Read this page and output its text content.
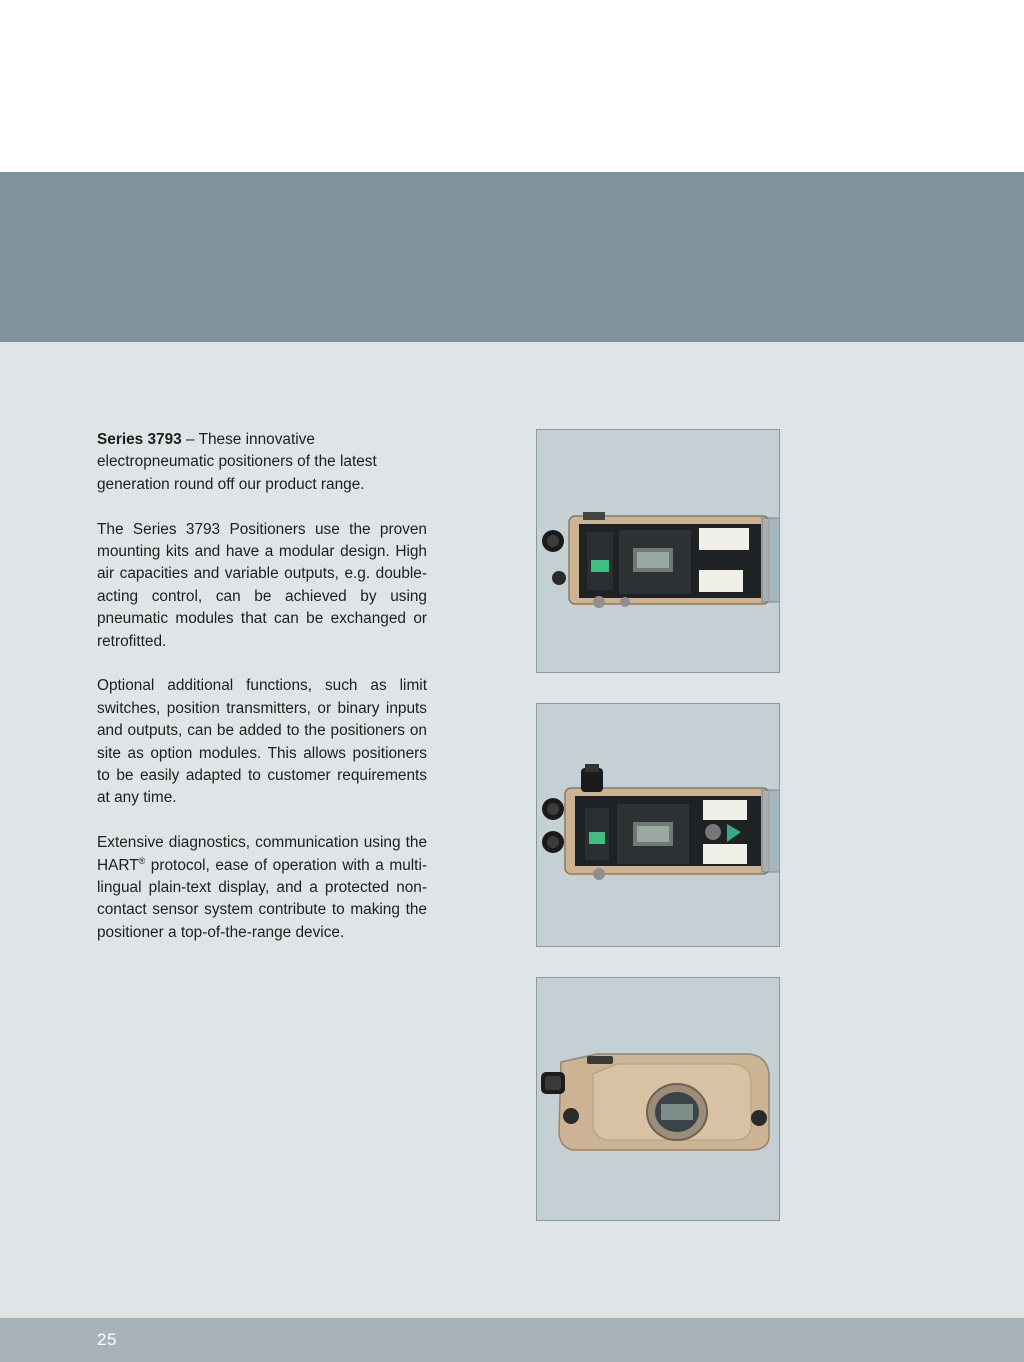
Series 3793 – These innovative electropneumatic positioners of the latest generation round off our product range.

The Series 3793 Positioners use the proven mounting kits and have a modular design. High air capacities and variable outputs, e.g. double-acting control, can be achieved by using pneumatic modules that can be exchanged or retrofitted.

Optional additional functions, such as limit switches, position transmitters, or binary inputs and outputs, can be added to the positioners on site as option modules. This allows positioners to be easily adapted to customer requirements at any time.

Extensive diagnostics, communication using the HART® protocol, ease of operation with a multi-lingual plain-text display, and a protected non-contact sensor system contribute to making the positioner a top-of-the-range device.

25
